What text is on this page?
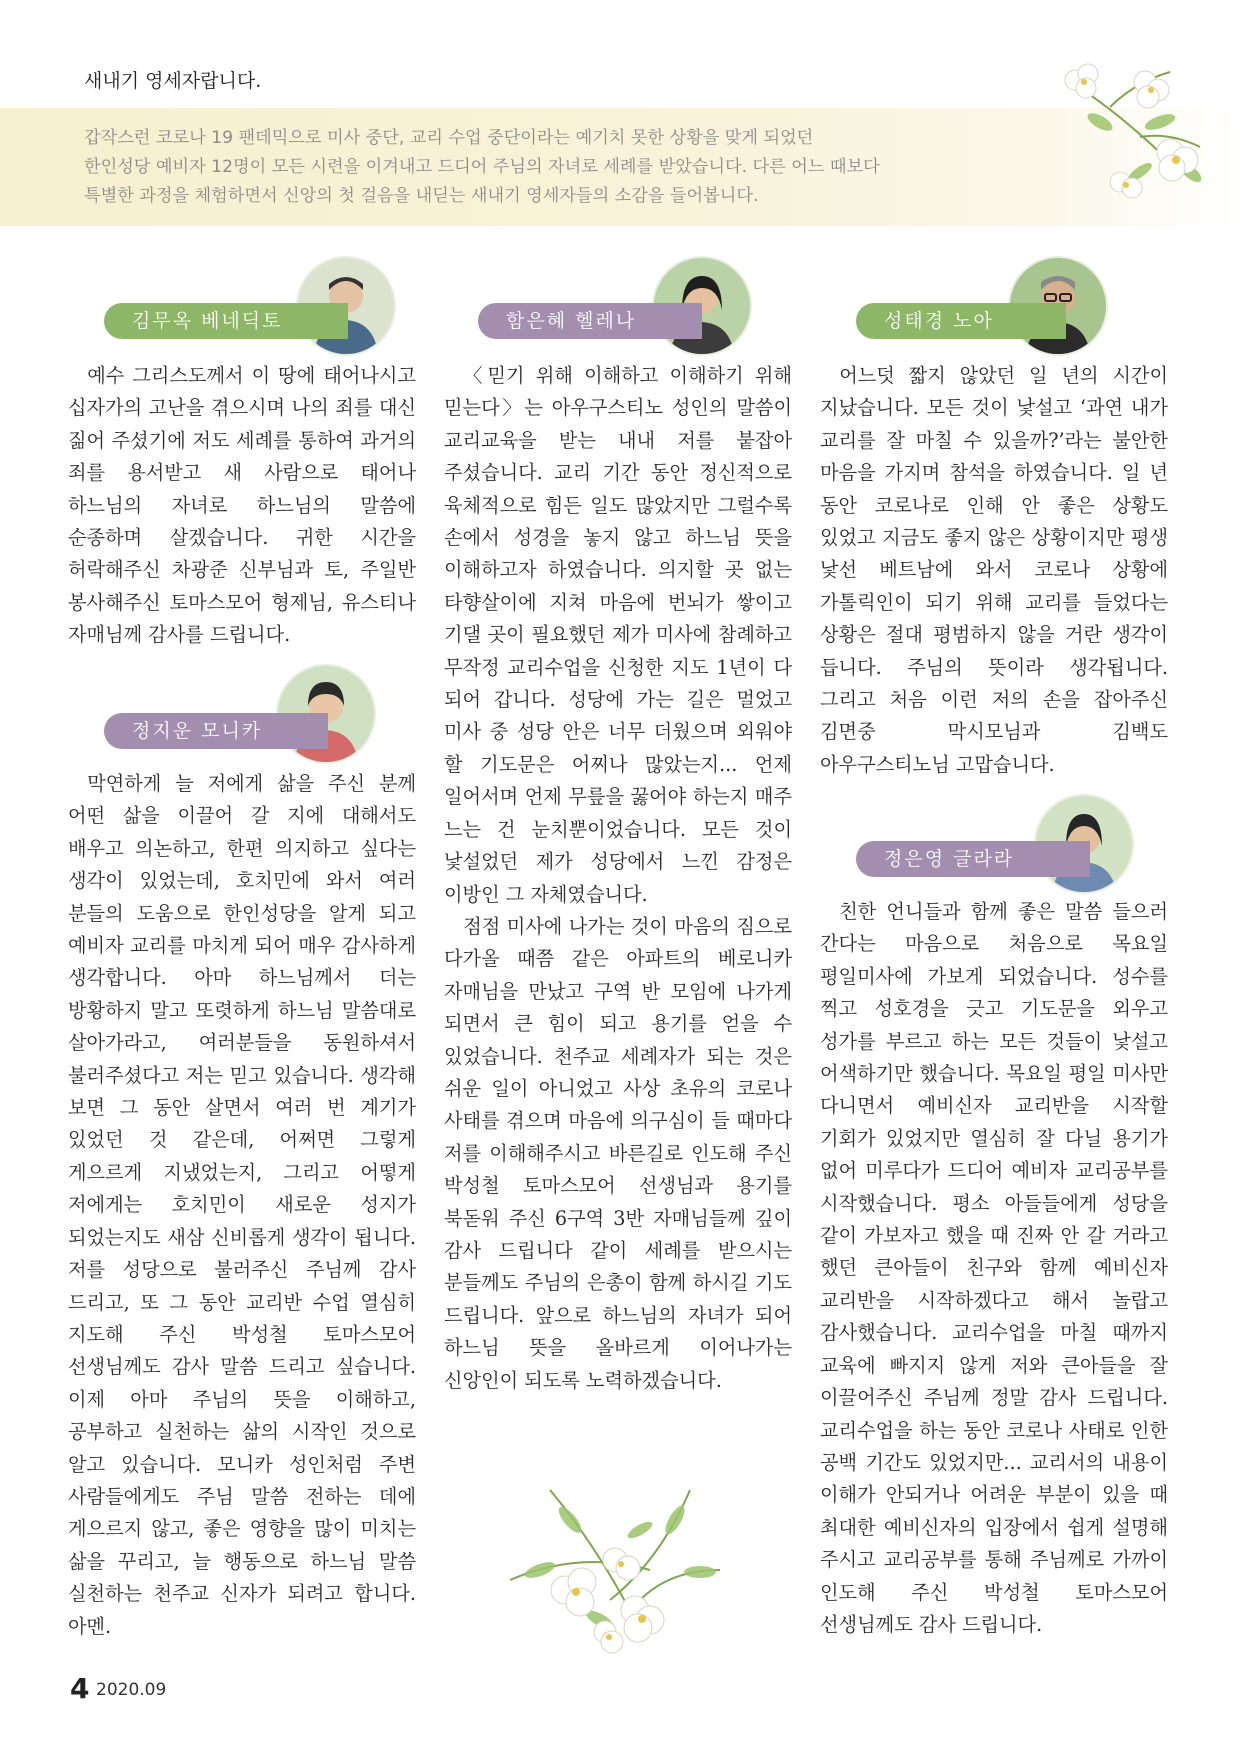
새내기 영세자랍니다.
갑작스런 코로나 19 팬데믹으로 미사 중단, 교리 수업 중단이라는 예기치 못한 상황을 맞게 되었던
한인성당 예비자 12명이 모든 시련을 이겨내고 드디어 주님의 자녀로 세례를 받았습니다. 다른 어느 때보다
특별한 과정을 체험하면서 신앙의 첫 걸음을 내딛는 새내기 영세자들의 소감을 들어봅니다.
김무옥 베네딕토

예수 그리스도께서 이 땅에 태어나시고 십자가의 고난을 겪으시며 나의 죄를 대신 짊어 주셨기에 저도 세례를 통하여 과거의 죄를 용서받고 새 사람으로 태어나 하느님의 자녀로 하느님의 말씀에 순종하며 살겠습니다. 귀한 시간을 허락해주신 차광준 신부님과 토, 주일반 봉사해주신 토마스모어 형제님, 유스티나 자매님께 감사를 드립니다.

정지운 모니카

막연하게 늘 저에게 삶을 주신 분께 어떤 삶을 이끌어 갈 지에 대해서도 배우고 의논하고, 한편 의지하고 싶다는 생각이 있었는데, 호치민에 와서 여러 분들의 도움으로 한인성당을 알게 되고 예비자 교리를 마치게 되어 매우 감사하게 생각합니다. 아마 하느님께서 더는 방황하지 말고 또렷하게 하느님 말씀대로 살아가라고, 여러분들을 동원하셔서 불러주셨다고 저는 믿고 있습니다. 생각해 보면 그 동안 살면서 여러 번 계기가 있었던 것 같은데, 어쩌면 그렇게 게으르게 지냈었는지, 그리고 어떻게 저에게는 호치민이 새로운 성지가 되었는지도 새삼 신비롭게 생각이 됩니다. 저를 성당으로 불러주신 주님께 감사 드리고, 또 그 동안 교리반 수업 열심히 지도해 주신 박성철 토마스모어 선생님께도 감사 말씀 드리고 싶습니다. 이제 아마 주님의 뜻을 이해하고, 공부하고 실천하는 삶의 시작인 것으로 알고 있습니다. 모니카 성인처럼 주변 사람들에게도 주님 말씀 전하는 데에 게으르지 않고, 좋은 영향을 많이 미치는 삶을 꾸리고, 늘 행동으로 하느님 말씀 실천하는 천주교 신자가 되려고 합니다. 아멘.

함은혜 헬레나

〈믿기 위해 이해하고 이해하기 위해 믿는다〉는 아우구스티노 성인의 말씀이 교리교육을 받는 내내 저를 붙잡아 주셨습니다. 교리 기간 동안 정신적으로 육체적으로 힘든 일도 많았지만 그럴수록 손에서 성경을 놓지 않고 하느님 뜻을 이해하고자 하였습니다. 의지할 곳 없는 타향살이에 지쳐 마음에 번뇌가 쌓이고 기댈 곳이 필요했던 제가 미사에 참례하고 무작정 교리수업을 신청한 지도 1년이 다 되어 갑니다. 성당에 가는 길은 멀었고 미사 중 성당 안은 너무 더웠으며 외워야 할 기도문은 어찌나 많았는지... 언제 일어서며 언제 무릎을 꿇어야 하는지 매주 느는 건 눈치뿐이었습니다. 모든 것이 낯설었던 제가 성당에서 느낀 감정은 이방인 그 자체였습니다.

점점 미사에 나가는 것이 마음의 짐으로 다가올 때쯤 같은 아파트의 베로니카 자매님을 만났고 구역 반 모임에 나가게 되면서 큰 힘이 되고 용기를 얻을 수 있었습니다. 천주교 세례자가 되는 것은 쉬운 일이 아니었고 사상 초유의 코로나 사태를 겪으며 마음에 의구심이 들 때마다 저를 이해해주시고 바른길로 인도해 주신 박성철 토마스모어 선생님과 용기를 북돋워 주신 6구역 3반 자매님들께 깊이 감사 드립니다 같이 세례를 받으시는 분들께도 주님의 은총이 함께 하시길 기도 드립니다. 앞으로 하느님의 자녀가 되어 하느님 뜻을 올바르게 이어나가는 신앙인이 되도록 노력하겠습니다.

성태경 노아

어느덧 짧지 않았던 일 년의 시간이 지났습니다. 모든 것이 낯설고 ‘과연 내가 교리를 잘 마칠 수 있을까?’라는 불안한 마음을 가지며 참석을 하였습니다. 일 년 동안 코로나로 인해 안 좋은 상황도 있었고 지금도 좋지 않은 상황이지만 평생 낯선 베트남에 와서 코로나 상황에 가톨릭인이 되기 위해 교리를 들었다는 상황은 절대 평범하지 않을 거란 생각이 듭니다. 주님의 뜻이라 생각됩니다. 그리고 처음 이런 저의 손을 잡아주신 김면중 막시모님과 김백도 아우구스티노님 고맙습니다.

정은영 글라라

친한 언니들과 함께 좋은 말씀 들으러 간다는 마음으로 처음으로 목요일 평일미사에 가보게 되었습니다. 성수를 찍고 성호경을 긋고 기도문을 외우고 성가를 부르고 하는 모든 것들이 낯설고 어색하기만 했습니다. 목요일 평일 미사만 다니면서 예비신자 교리반을 시작할 기회가 있었지만 열심히 잘 다닐 용기가 없어 미루다가 드디어 예비자 교리공부를 시작했습니다. 평소 아들들에게 성당을 같이 가보자고 했을 때 진짜 안 갈 거라고 했던 큰아들이 친구와 함께 예비신자 교리반을 시작하겠다고 해서 놀랍고 감사했습니다. 교리수업을 마칠 때까지 교육에 빠지지 않게 저와 큰아들을 잘 이끌어주신 주님께 정말 감사 드립니다. 교리수업을 하는 동안 코로나 사태로 인한 공백 기간도 있었지만... 교리서의 내용이 이해가 안되거나 어려운 부분이 있을 때 최대한 예비신자의 입장에서 쉽게 설명해 주시고 교리공부를 통해 주님께로 가까이 인도해 주신 박성철 토마스모어 선생님께도 감사 드립니다.

4 2020.09
